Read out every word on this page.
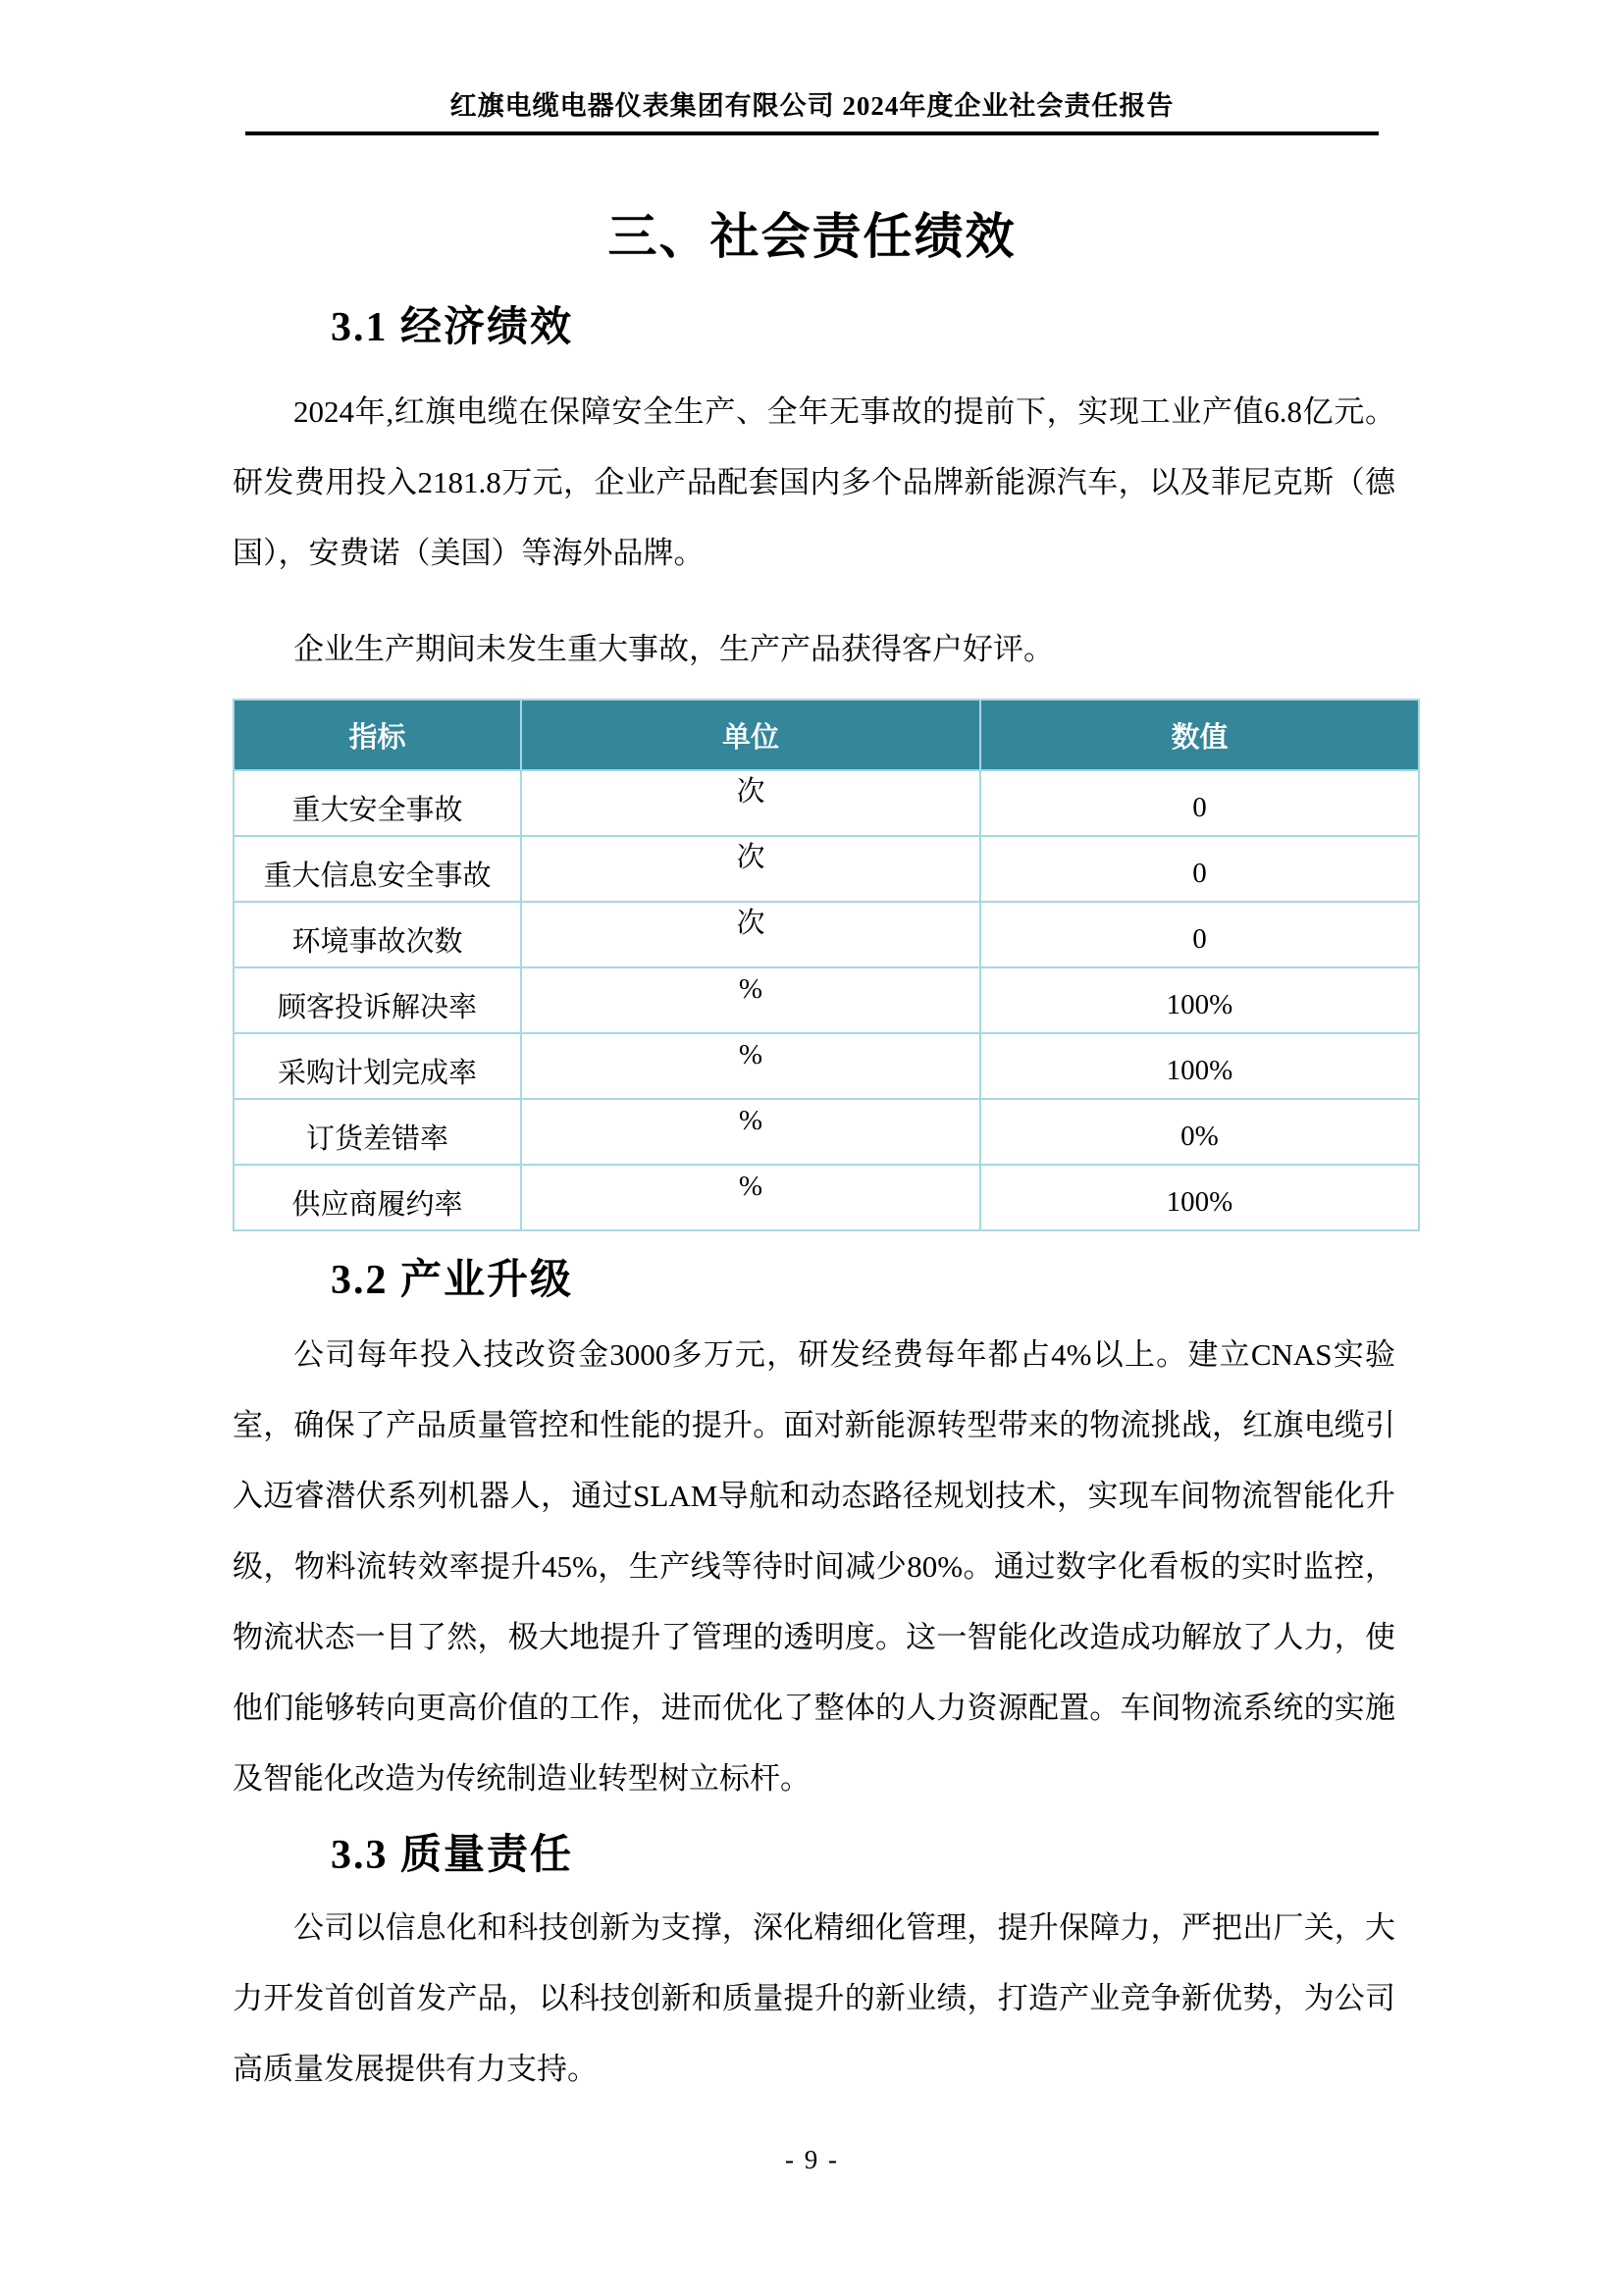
红旗电缆电器仪表集团有限公司 2024年度企业社会责任报告
三、社会责任绩效
3.1 经济绩效

2024年,红旗电缆在保障安全生产、全年无事故的提前下，实现工业产值6.8亿元。研发费用投入2181.8万元，企业产品配套国内多个品牌新能源汽车，以及菲尼克斯（德国），安费诺（美国）等海外品牌。

企业生产期间未发生重大事故，生产产品获得客户好评。

指标	单位	数值
重大安全事故	次	0
重大信息安全事故	次	0
环境事故次数	次	0
顾客投诉解决率	%	100%
采购计划完成率	%	100%
订货差错率	%	0%
供应商履约率	%	100%
3.2 产业升级

公司每年投入技改资金3000多万元，研发经费每年都占4%以上。建立CNAS实验室，确保了产品质量管控和性能的提升。面对新能源转型带来的物流挑战，红旗电缆引入迈睿潜伏系列机器人，通过SLAM导航和动态路径规划技术，实现车间物流智能化升级，物料流转效率提升45%，生产线等待时间减少80%。通过数字化看板的实时监控，物流状态一目了然，极大地提升了管理的透明度。这一智能化改造成功解放了人力，使他们能够转向更高价值的工作，进而优化了整体的人力资源配置。车间物流系统的实施及智能化改造为传统制造业转型树立标杆。

3.3 质量责任

公司以信息化和科技创新为支撑，深化精细化管理，提升保障力，严把出厂关，大力开发首创首发产品，以科技创新和质量提升的新业绩，打造产业竞争新优势，为公司高质量发展提供有力支持。

- 9 -
